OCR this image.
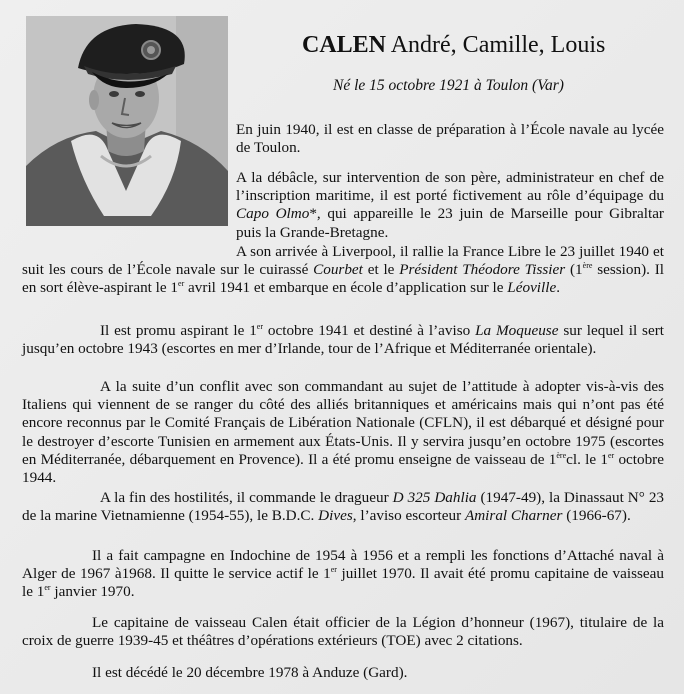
CALEN André, Camille, Louis
Né le 15 octobre 1921 à Toulon (Var)

En juin 1940, il est en classe de préparation à l’École navale au lycée de Toulon.

A la débâcle, sur intervention de son père, administrateur en chef de l’inscription maritime, il est porté fictivement au rôle d’équipage du Capo Olmo*, qui appareille le 23 juin de Marseille pour Gibraltar puis la Grande-Bretagne.

A son arrivée à Liverpool, il rallie la France Libre le 23 juillet 1940 et suit les cours de l’École navale sur le cuirassé Courbet et le Président Théodore Tissier (1ère session). Il en sort élève-aspirant le 1er avril 1941 et embarque en école d’application sur le Léoville.

Il est promu aspirant le 1er octobre 1941 et destiné à l’aviso La Moqueuse sur lequel il sert jusqu’en octobre 1943 (escortes en mer d’Irlande, tour de l’Afrique et Méditerranée orientale).

A la suite d’un conflit avec son commandant au sujet de l’attitude à adopter vis-à-vis des Italiens qui viennent de se ranger du côté des alliés britanniques et américains mais qui n’ont pas été encore reconnus par le Comité Français de Libération Nationale (CFLN), il est débarqué et désigné pour le destroyer d’escorte Tunisien en armement aux États-Unis. Il y servira jusqu’en octobre 1975 (escortes en Méditerranée, débarquement en Provence). Il a été promu enseigne de vaisseau de 1èrecl. le 1er octobre 1944.

A la fin des hostilités, il commande le dragueur D 325 Dahlia (1947-49), la Dinassaut N° 23 de la marine Vietnamienne (1954-55), le B.D.C. Dives, l’aviso escorteur Amiral Charner (1966-67).

Il a fait campagne en Indochine de 1954 à 1956 et a rempli les fonctions d’Attaché naval à Alger de 1967 à1968. Il quitte le service actif le 1er juillet 1970. Il avait été promu capitaine de vaisseau le 1er janvier 1970.

Le capitaine de vaisseau Calen était officier de la Légion d’honneur (1967), titulaire de la croix de guerre 1939-45 et théâtres d’opérations extérieurs (TOE) avec 2 citations.

Il est décédé le 20 décembre 1978 à Anduze (Gard).
